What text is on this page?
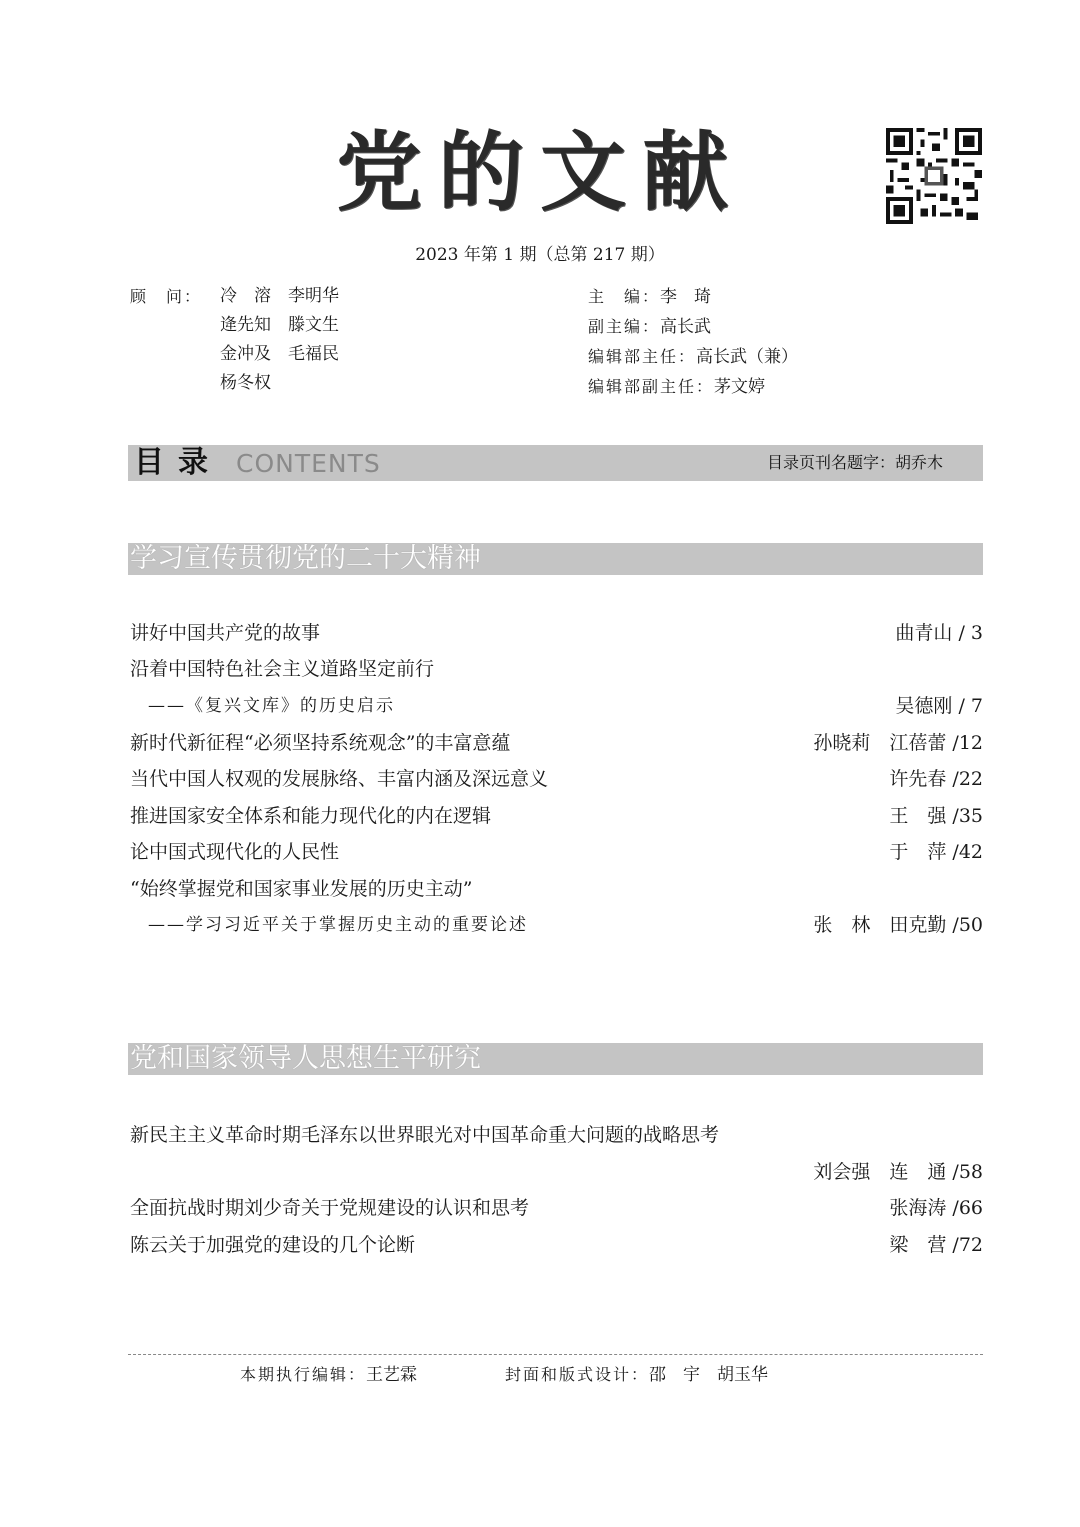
党的文献
2023 年第 1 期（总第 217 期）
顾　问： 冷　溶　李明华
逄先知　滕文生
金冲及　毛福民
杨冬权
主　编：李　琦
副主编：高长武
编辑部主任：高长武（兼）
编辑部副主任：茅文婷
目录 CONTENTS	目录页刊名题字：胡乔木
学习宣传贯彻党的二十大精神
讲好中国共产党的故事	曲青山 / 3
沿着中国特色社会主义道路坚定前行
——《复兴文库》的历史启示	吴德刚 / 7
新时代新征程“必须坚持系统观念”的丰富意蕴	孙晓莉　江蓓蕾 /12
当代中国人权观的发展脉络、丰富内涵及深远意义	许先春 /22
推进国家安全体系和能力现代化的内在逻辑	王　强 /35
论中国式现代化的人民性	于　萍 /42
“始终掌握党和国家事业发展的历史主动”
——学习习近平关于掌握历史主动的重要论述	张　林　田克勤 /50
党和国家领导人思想生平研究
新民主主义革命时期毛泽东以世界眼光对中国革命重大问题的战略思考
刘会强　连　通 /58
全面抗战时期刘少奇关于党规建设的认识和思考	张海涛 /66
陈云关于加强党的建设的几个论断	梁　营 /72
本期执行编辑：王艺霖	封面和版式设计：邵　宇　胡玉华
